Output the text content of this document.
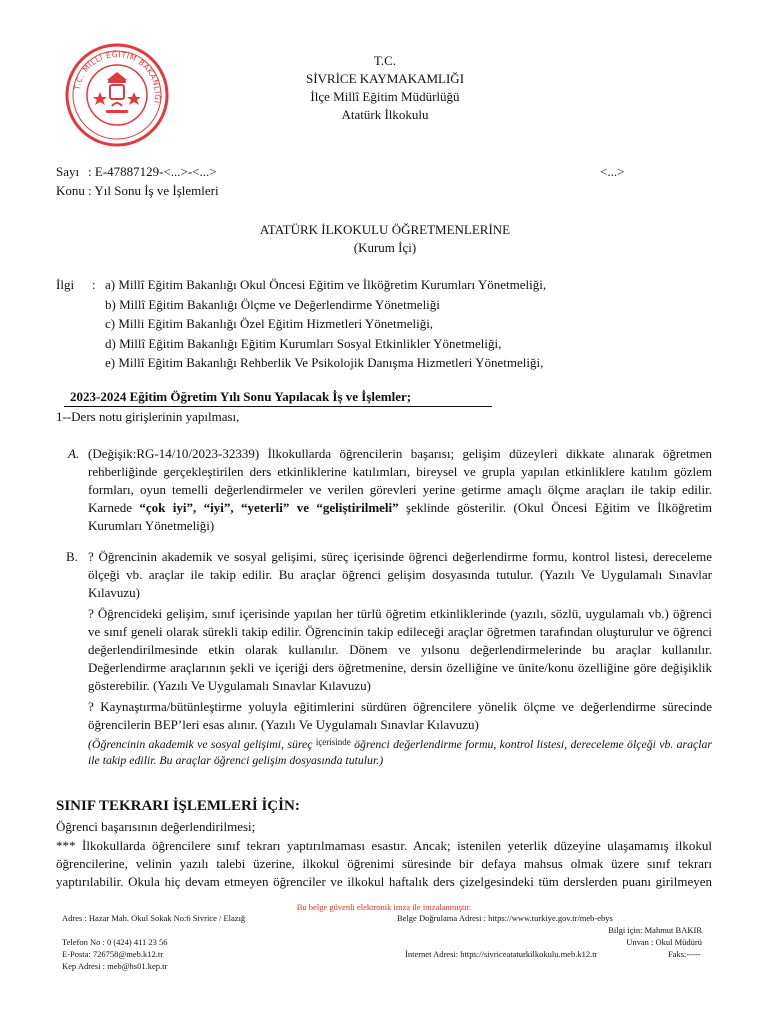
T.C. MİLLÎ EĞİTİM BAKANLIĞI
T.C.
SİVRİCE KAYMAKAMLIĞI
İlçe Millî Eğitim Müdürlüğü
Atatürk İlkokulu
Sayı : E-47887129-<...>-<...>	<...>
Konu : Yıl Sonu İş ve İşlemleri
ATATÜRK İLKOKULU ÖĞRETMENLERİNE
(Kurum İçi)
İlgi	: a) Millî Eğitim Bakanlığı Okul Öncesi Eğitim ve İlköğretim Kurumları Yönetmeliği,
b) Millî Eğitim Bakanlığı Ölçme ve Değerlendirme Yönetmeliği
c) Milli Eğitim Bakanlığı Özel Eğitim Hizmetleri Yönetmeliği,
d) Millî Eğitim Bakanlığı Eğitim Kurumları Sosyal Etkinlikler Yönetmeliği,
e) Millî Eğitim Bakanlığı Rehberlik Ve Psikolojik Danışma Hizmetleri Yönetmeliği,
2023-2024 Eğitim Öğretim Yılı Sonu Yapılacak İş ve İşlemler;
1--Ders notu girişlerinin yapılması,
A. (Değişik:RG-14/10/2023-32339) İlkokullarda öğrencilerin başarısı; gelişim düzeyleri dikkate alınarak öğretmen rehberliğinde gerçekleştirilen ders etkinliklerine katılımları, bireysel ve grupla yapılan etkinliklere katılım gözlem formları, oyun temelli değerlendirmeler ve verilen görevleri yerine getirme amaçlı ölçme araçları ile takip edilir. Karnede “çok iyi”, “iyi”, “yeterli” ve “geliştirilmeli” şeklinde gösterilir. (Okul Öncesi Eğitim ve İlköğretim Kurumları Yönetmeliği)
B. ? Öğrencinin akademik ve sosyal gelişimi, süreç içerisinde öğrenci değerlendirme formu, kontrol listesi, dereceleme ölçeği vb. araçlar ile takip edilir. Bu araçlar öğrenci gelişim dosyasında tutulur. (Yazılı Ve Uygulamalı Sınavlar Kılavuzu)
? Öğrencideki gelişim, sınıf içerisinde yapılan her türlü öğretim etkinliklerinde (yazılı, sözlü, uygulamalı vb.) öğrenci ve sınıf geneli olarak sürekli takip edilir. Öğrencinin takip edileceği araçlar öğretmen tarafından oluşturulur ve öğrenci değerlendirilmesinde etkin olarak kullanılır. Dönem ve yılsonu değerlendirmelerinde bu araçlar kullanılır. Değerlendirme araçlarının şekli ve içeriği ders öğretmenine, dersin özelliğine ve ünite/konu özelliğine göre değişiklik gösterebilir. (Yazılı Ve Uygulamalı Sınavlar Kılavuzu)
? Kaynaştırma/bütünleştirme yoluyla eğitimlerini sürdüren öğrencilere yönelik ölçme ve değerlendirme sürecinde öğrencilerin BEP’leri esas alınır. (Yazılı Ve Uygulamalı Sınavlar Kılavuzu)
(Öğrencinin akademik ve sosyal gelişimi, süreç $^{içerisinde}$ öğrenci değerlendirme formu, kontrol listesi, dereceleme ölçeği vb. araçlar ile takip edilir. Bu araçlar öğrenci gelişim dosyasında tutulur.)
SINIF TEKRARI İŞLEMLERİ İÇİN:
Öğrenci başarısının değerlendirilmesi;
*** İlkokullarda öğrencilere sınıf tekrarı yaptırılmaması esastır. Ancak; istenilen yeterlik düzeyine ulaşamamış ilkokul öğrencilerine, velinin yazılı talebi üzerine, ilkokul öğrenimi süresinde bir defaya mahsus olmak üzere sınıf tekrarı yaptırılabilir. Okula hiç devam etmeyen öğrenciler ve ilkokul haftalık ders çizelgesindeki tüm derslerden puanı girilmeyen
Bu belge güvenli elektronik imza ile imzalanmıştır.
Adres : Hazar Mah. Okul Sokak No:6 Sivrice / Elazığ	Belge Doğrulama Adresi : https://www.turkiye.gov.tr/meb-ebys
Bilgi için: Mahmut BAKIR
Telefon No : 0 (424) 411 23 56	Unvan : Okul Müdürü
E-Posta: 726758@meb.k12.tr	İnternet Adresi: https://sivriceataturkilkokulu.meb.k12.tr	Faks:-----
Kep Adresi : meb@hs01.kep.tr
